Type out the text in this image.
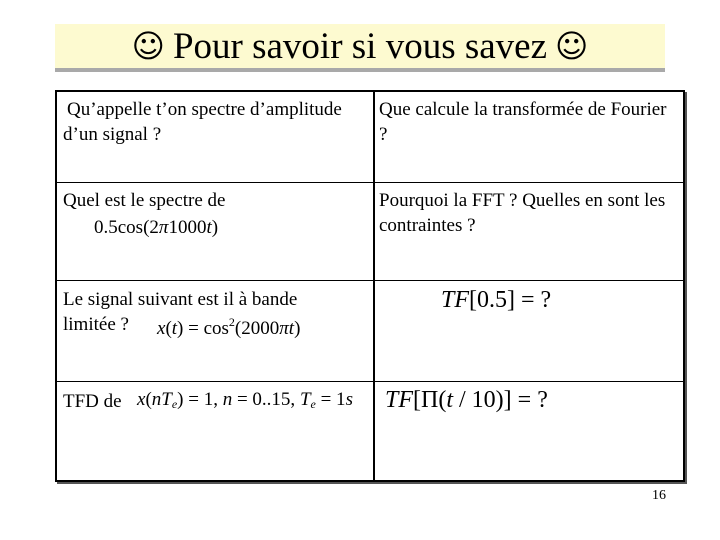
☺ Pour savoir si vous savez ☺
Qu’appelle t’on spectre d’amplitude d’un signal ?
Que calcule la transformée de Fourier ?
Quel est le spectre de
0.5cos(2π1000t)
Pourquoi la FFT ? Quelles en sont les contraintes ?
Le signal suivant est il à bande limitée ?	$x(t) = \cos^2(2000\pi t)$
TF[0.5] = ?
TFD de $x(nT_e) = 1$, n = 0..15, $T_e = 1s$ TF[Π(t / 10)] = ?
16
